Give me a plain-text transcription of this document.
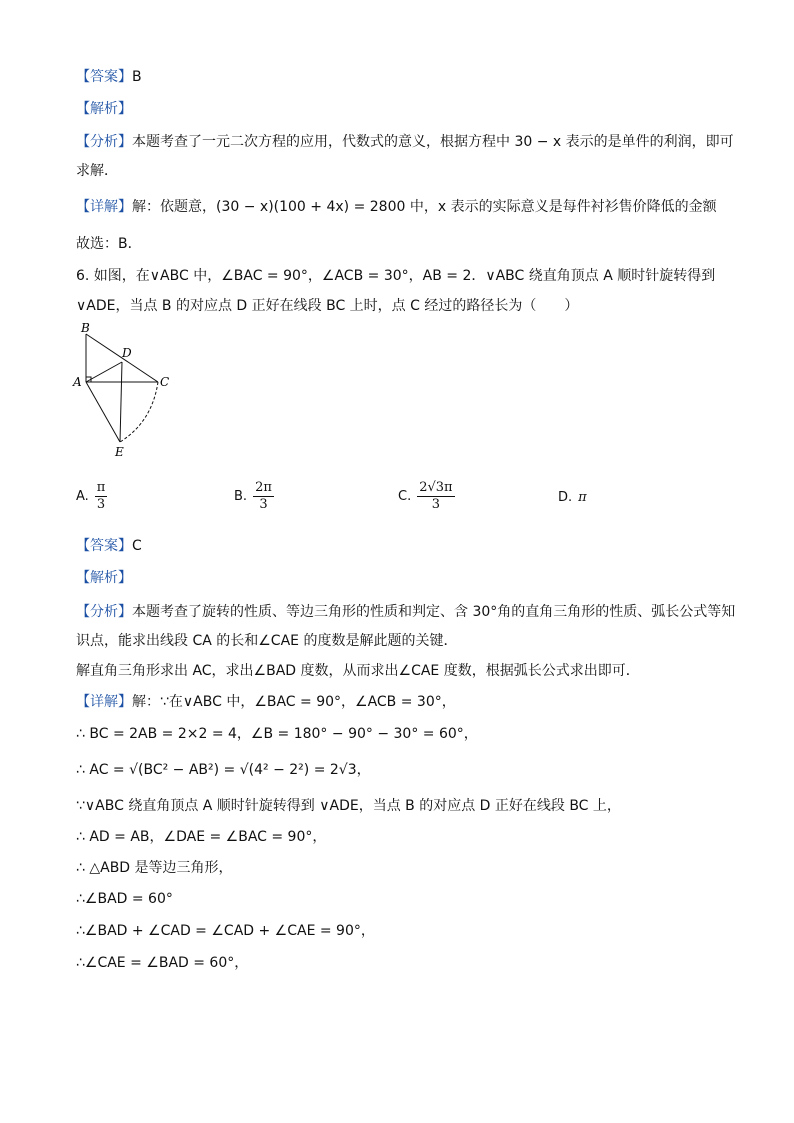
【答案】B
【解析】
【分析】本题考查了一元二次方程的应用，代数式的意义，根据方程中 30 − x 表示的是单件的利润，即可
求解．
【详解】解：依题意，(30 − x)(100 + 4x) = 2800 中，x 表示的实际意义是每件衬衫售价降低的金额
故选：B．
6. 如图，在∨ABC 中，∠BAC = 90°，∠ACB = 30°，AB = 2．∨ABC 绕直角顶点 A 顺时针旋转得到
∨ADE，当点 B 的对应点 D 正好在线段 BC 上时，点 C 经过的路径长为（　　）
B
D
A	C
E
A. $\frac{\pi}{3}$	B. $\frac{2\pi}{3}$	C. $\frac{2√3\pi}{3}$	D. π
【答案】C
【解析】
【分析】本题考查了旋转的性质、等边三角形的性质和判定、含 30°角的直角三角形的性质、弧长公式等知
识点，能求出线段 CA 的长和∠CAE 的度数是解此题的关键．
解直角三角形求出 AC，求出∠BAD 度数，从而求出∠CAE 度数，根据弧长公式求出即可．
【详解】解：∵在∨ABC 中，∠BAC = 90°，∠ACB = 30°，
∴ BC = 2AB = 2×2 = 4，∠B = 180° − 90° − 30° = 60°，
∴ AC = √(BC² − AB²) = √(4² − 2²) = 2√3，
∵∨ABC 绕直角顶点 A 顺时针旋转得到 ∨ADE，当点 B 的对应点 D 正好在线段 BC 上，
∴ AD = AB，∠DAE = ∠BAC = 90°，
∴ △ABD 是等边三角形，
∴∠BAD = 60°
∴∠BAD + ∠CAD = ∠CAD + ∠CAE = 90°，
∴∠CAE = ∠BAD = 60°，
